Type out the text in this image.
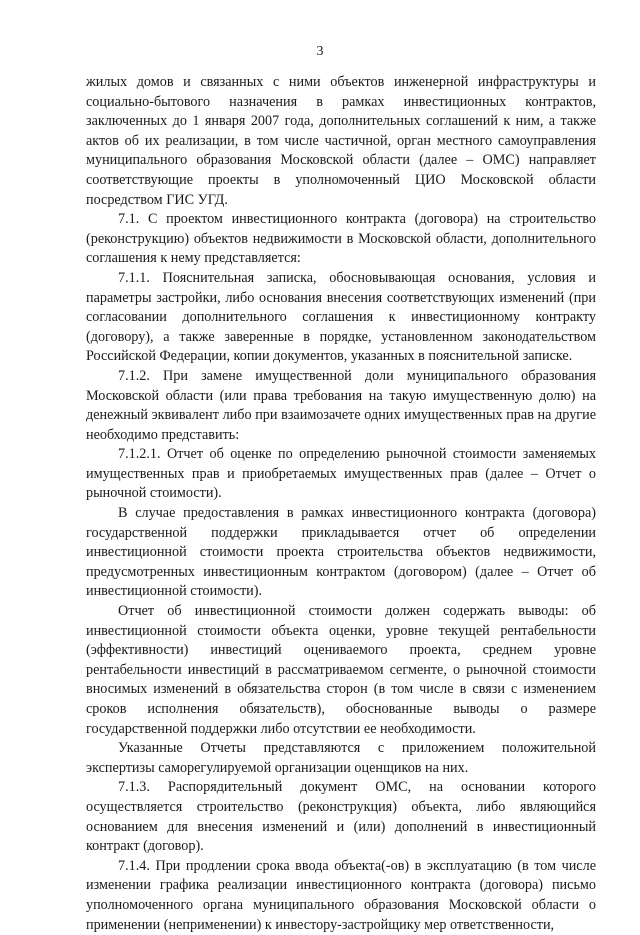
3

жилых домов и связанных с ними объектов инженерной инфраструктуры и социально-бытового назначения в рамках инвестиционных контрактов, заключенных до 1 января 2007 года, дополнительных соглашений к ним, а также актов об их реализации, в том числе частичной, орган местного самоуправления муниципального образования Московской области (далее – ОМС) направляет соответствующие проекты в уполномоченный ЦИО Московской области посредством ГИС УГД.

7.1. С проектом инвестиционного контракта (договора) на строительство (реконструкцию) объектов недвижимости в Московской области, дополнительного соглашения к нему представляется:

7.1.1. Пояснительная записка, обосновывающая основания, условия и параметры застройки, либо основания внесения соответствующих изменений (при согласовании дополнительного соглашения к инвестиционному контракту (договору), а также заверенные в порядке, установленном законодательством Российской Федерации, копии документов, указанных в пояснительной записке.

7.1.2. При замене имущественной доли муниципального образования Московской области (или права требования на такую имущественную долю) на денежный эквивалент либо при взаимозачете одних имущественных прав на другие необходимо представить:

7.1.2.1. Отчет об оценке по определению рыночной стоимости заменяемых имущественных прав и приобретаемых имущественных прав (далее – Отчет о рыночной стоимости).

В случае предоставления в рамках инвестиционного контракта (договора) государственной поддержки прикладывается отчет об определении инвестиционной стоимости проекта строительства объектов недвижимости, предусмотренных инвестиционным контрактом (договором) (далее – Отчет об инвестиционной стоимости).

Отчет об инвестиционной стоимости должен содержать выводы: об инвестиционной стоимости объекта оценки, уровне текущей рентабельности (эффективности) инвестиций оцениваемого проекта, среднем уровне рентабельности инвестиций в рассматриваемом сегменте, о рыночной стоимости вносимых изменений в обязательства сторон (в том числе в связи с изменением сроков исполнения обязательств), обоснованные выводы о размере государственной поддержки либо отсутствии ее необходимости.

Указанные Отчеты представляются с приложением положительной экспертизы саморегулируемой организации оценщиков на них.

7.1.3. Распорядительный документ ОМС, на основании которого осуществляется строительство (реконструкция) объекта, либо являющийся основанием для внесения изменений и (или) дополнений в инвестиционный контракт (договор).

7.1.4. При продлении срока ввода объекта(-ов) в эксплуатацию (в том числе изменении графика реализации инвестиционного контракта (договора) письмо уполномоченного органа муниципального образования Московской области о применении (неприменении) к инвестору-застройщику мер ответственности,
